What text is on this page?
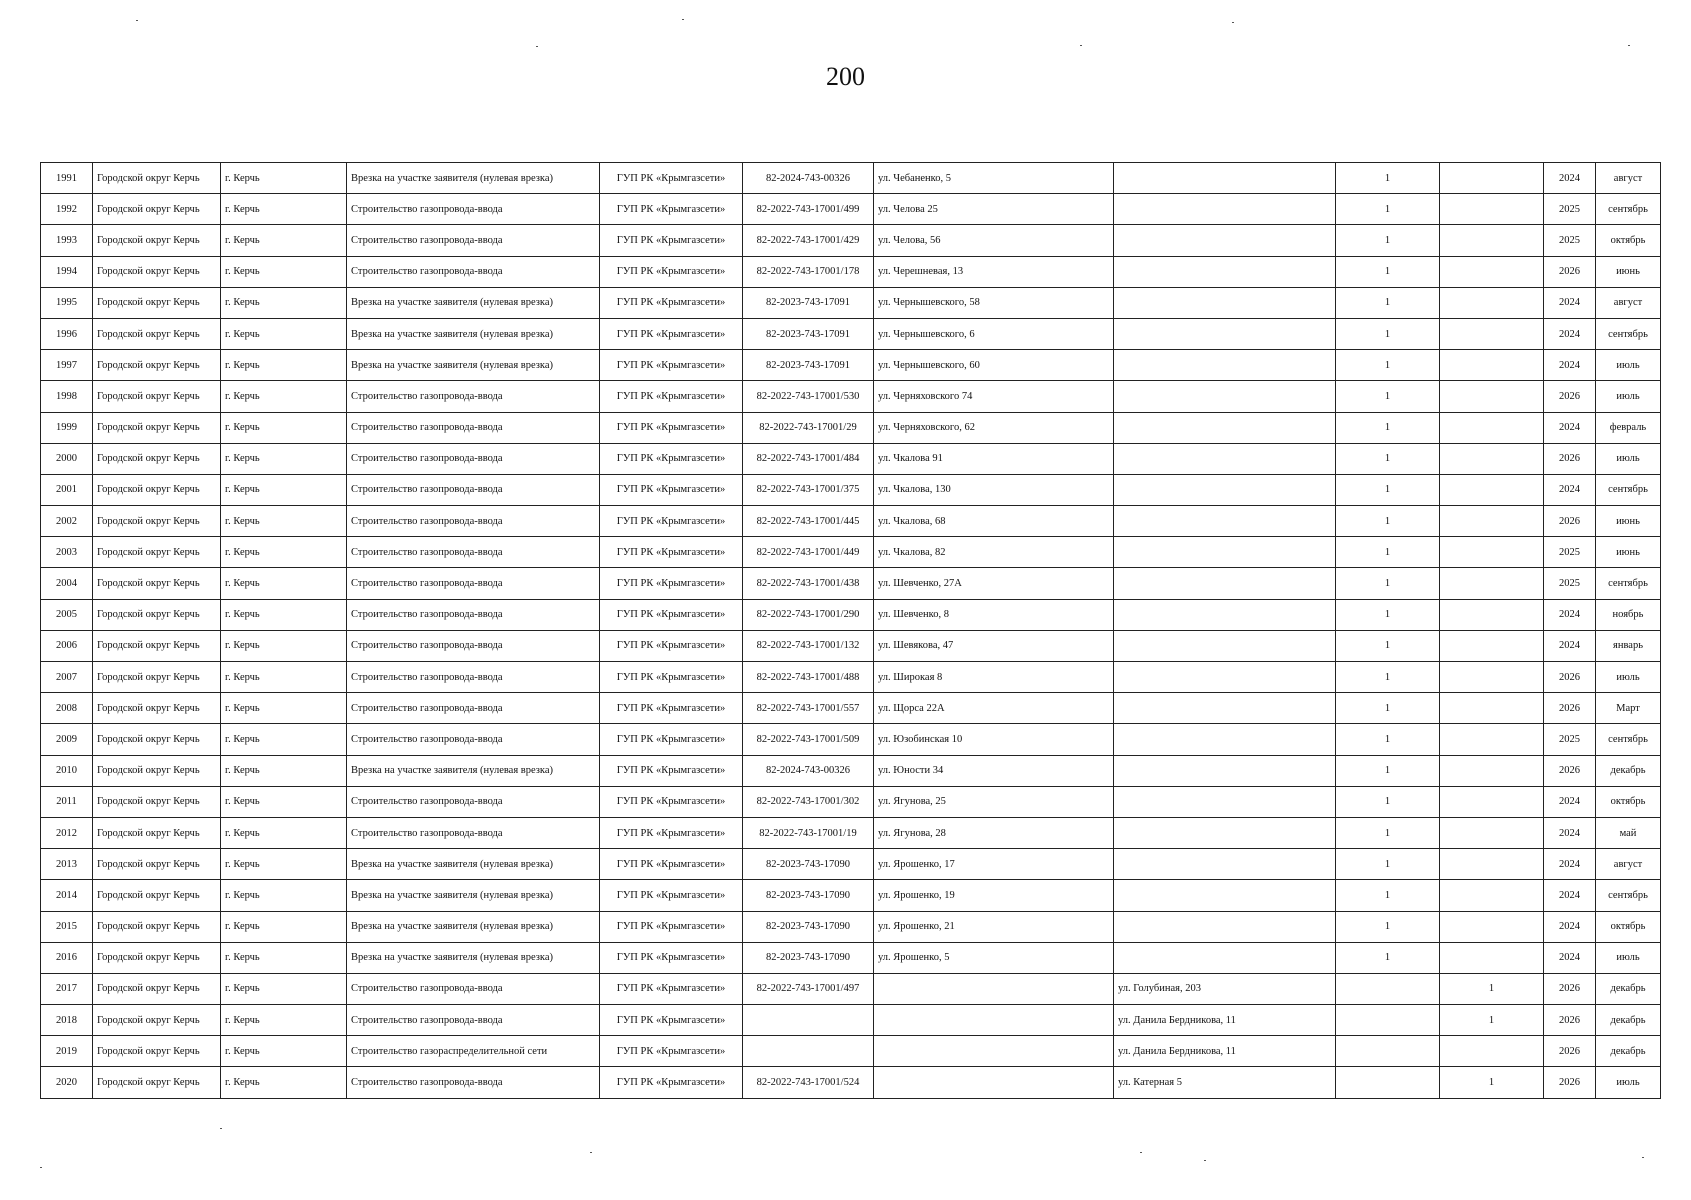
200
1991	Городской округ Керчь	г. Керчь	Врезка на участке заявителя (нулевая врезка)	ГУП РК «Крымгазсети»	82-2024-743-00326	ул. Чебаненко, 5		1		2024	август
1992	Городской округ Керчь	г. Керчь	Строительство газопровода-ввода	ГУП РК «Крымгазсети»	82-2022-743-17001/499	ул. Челова 25		1		2025	сентябрь
1993	Городской округ Керчь	г. Керчь	Строительство газопровода-ввода	ГУП РК «Крымгазсети»	82-2022-743-17001/429	ул. Челова, 56		1		2025	октябрь
1994	Городской округ Керчь	г. Керчь	Строительство газопровода-ввода	ГУП РК «Крымгазсети»	82-2022-743-17001/178	ул. Черешневая, 13		1		2026	июнь
1995	Городской округ Керчь	г. Керчь	Врезка на участке заявителя (нулевая врезка)	ГУП РК «Крымгазсети»	82-2023-743-17091	ул. Чернышевского, 58		1		2024	август
1996	Городской округ Керчь	г. Керчь	Врезка на участке заявителя (нулевая врезка)	ГУП РК «Крымгазсети»	82-2023-743-17091	ул. Чернышевского, 6		1		2024	сентябрь
1997	Городской округ Керчь	г. Керчь	Врезка на участке заявителя (нулевая врезка)	ГУП РК «Крымгазсети»	82-2023-743-17091	ул. Чернышевского, 60		1		2024	июль
1998	Городской округ Керчь	г. Керчь	Строительство газопровода-ввода	ГУП РК «Крымгазсети»	82-2022-743-17001/530	ул. Черняховского 74		1		2026	июль
1999	Городской округ Керчь	г. Керчь	Строительство газопровода-ввода	ГУП РК «Крымгазсети»	82-2022-743-17001/29	ул. Черняховского, 62		1		2024	февраль
2000	Городской округ Керчь	г. Керчь	Строительство газопровода-ввода	ГУП РК «Крымгазсети»	82-2022-743-17001/484	ул. Чкалова 91		1		2026	июль
2001	Городской округ Керчь	г. Керчь	Строительство газопровода-ввода	ГУП РК «Крымгазсети»	82-2022-743-17001/375	ул. Чкалова, 130		1		2024	сентябрь
2002	Городской округ Керчь	г. Керчь	Строительство газопровода-ввода	ГУП РК «Крымгазсети»	82-2022-743-17001/445	ул. Чкалова, 68		1		2026	июнь
2003	Городской округ Керчь	г. Керчь	Строительство газопровода-ввода	ГУП РК «Крымгазсети»	82-2022-743-17001/449	ул. Чкалова, 82		1		2025	июнь
2004	Городской округ Керчь	г. Керчь	Строительство газопровода-ввода	ГУП РК «Крымгазсети»	82-2022-743-17001/438	ул. Шевченко, 27А		1		2025	сентябрь
2005	Городской округ Керчь	г. Керчь	Строительство газопровода-ввода	ГУП РК «Крымгазсети»	82-2022-743-17001/290	ул. Шевченко, 8		1		2024	ноябрь
2006	Городской округ Керчь	г. Керчь	Строительство газопровода-ввода	ГУП РК «Крымгазсети»	82-2022-743-17001/132	ул. Шевякова, 47		1		2024	январь
2007	Городской округ Керчь	г. Керчь	Строительство газопровода-ввода	ГУП РК «Крымгазсети»	82-2022-743-17001/488	ул. Широкая 8		1		2026	июль
2008	Городской округ Керчь	г. Керчь	Строительство газопровода-ввода	ГУП РК «Крымгазсети»	82-2022-743-17001/557	ул. Щорса 22А		1		2026	Март
2009	Городской округ Керчь	г. Керчь	Строительство газопровода-ввода	ГУП РК «Крымгазсети»	82-2022-743-17001/509	ул. Юзобинская 10		1		2025	сентябрь
2010	Городской округ Керчь	г. Керчь	Врезка на участке заявителя (нулевая врезка)	ГУП РК «Крымгазсети»	82-2024-743-00326	ул. Юности 34		1		2026	декабрь
2011	Городской округ Керчь	г. Керчь	Строительство газопровода-ввода	ГУП РК «Крымгазсети»	82-2022-743-17001/302	ул. Ягунова, 25		1		2024	октябрь
2012	Городской округ Керчь	г. Керчь	Строительство газопровода-ввода	ГУП РК «Крымгазсети»	82-2022-743-17001/19	ул. Ягунова, 28		1		2024	май
2013	Городской округ Керчь	г. Керчь	Врезка на участке заявителя (нулевая врезка)	ГУП РК «Крымгазсети»	82-2023-743-17090	ул. Ярошенко, 17		1		2024	август
2014	Городской округ Керчь	г. Керчь	Врезка на участке заявителя (нулевая врезка)	ГУП РК «Крымгазсети»	82-2023-743-17090	ул. Ярошенко, 19		1		2024	сентябрь
2015	Городской округ Керчь	г. Керчь	Врезка на участке заявителя (нулевая врезка)	ГУП РК «Крымгазсети»	82-2023-743-17090	ул. Ярошенко, 21		1		2024	октябрь
2016	Городской округ Керчь	г. Керчь	Врезка на участке заявителя (нулевая врезка)	ГУП РК «Крымгазсети»	82-2023-743-17090	ул. Ярошенко, 5		1		2024	июль
2017	Городской округ Керчь	г. Керчь	Строительство газопровода-ввода	ГУП РК «Крымгазсети»	82-2022-743-17001/497		ул. Голубиная, 203		1	2026	декабрь
2018	Городской округ Керчь	г. Керчь	Строительство газопровода-ввода	ГУП РК «Крымгазсети»			ул. Данила Бердникова, 11		1	2026	декабрь
2019	Городской округ Керчь	г. Керчь	Строительство газораспределительной сети	ГУП РК «Крымгазсети»			ул. Данила Бердникова, 11			2026	декабрь
2020	Городской округ Керчь	г. Керчь	Строительство газопровода-ввода	ГУП РК «Крымгазсети»	82-2022-743-17001/524		ул. Катерная 5		1	2026	июль
